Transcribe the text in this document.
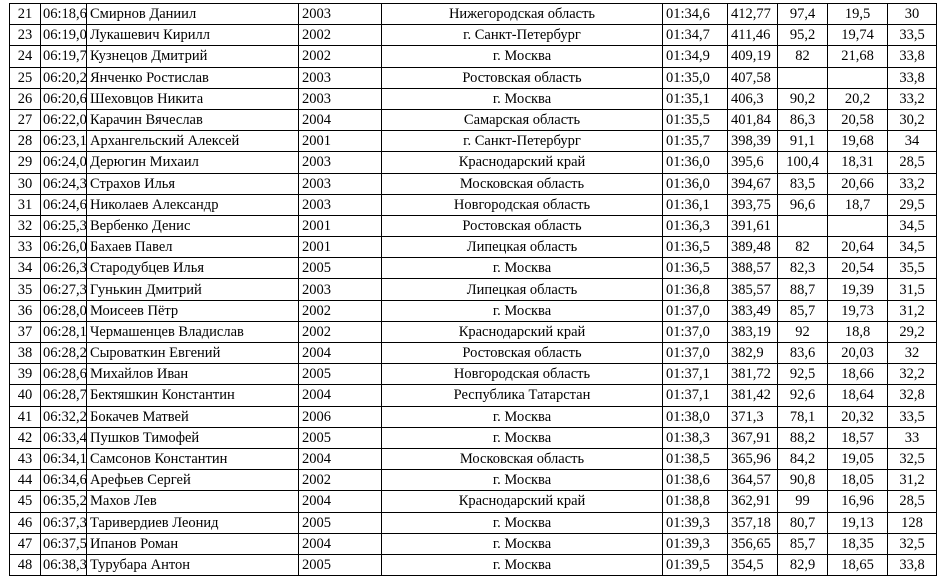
21	06:18,6	Смирнов Даниил	2003	Нижегородская область	01:34,6	412,77	97,4	19,5	30
23	06:19,0	Лукашевич Кирилл	2002	г. Санкт-Петербург	01:34,7	411,46	95,2	19,74	33,5
24	06:19,7	Кузнецов Дмитрий	2002	г. Москва	01:34,9	409,19	82	21,68	33,8
25	06:20,2	Янченко Ростислав	2003	Ростовская область	01:35,0	407,58			33,8
26	06:20,6	Шеховцов Никита	2003	г. Москва	01:35,1	406,3	90,2	20,2	33,2
27	06:22,0	Карачин Вячеслав	2004	Самарская область	01:35,5	401,84	86,3	20,58	30,2
28	06:23,1	Архангельский Алексей	2001	г. Санкт-Петербург	01:35,7	398,39	91,1	19,68	34
29	06:24,0	Дерюгин Михаил	2003	Краснодарский край	01:36,0	395,6	100,4	18,31	28,5
30	06:24,3	Страхов Илья	2003	Московская область	01:36,0	394,67	83,5	20,66	33,2
31	06:24,6	Николаев Александр	2003	Новгородская область	01:36,1	393,75	96,6	18,7	29,5
32	06:25,3	Вербенко Денис	2001	Ростовская область	01:36,3	391,61			34,5
33	06:26,0	Бахаев Павел	2001	Липецкая область	01:36,5	389,48	82	20,64	34,5
34	06:26,3	Стародубцев Илья	2005	г. Москва	01:36,5	388,57	82,3	20,54	35,5
35	06:27,3	Гунькин Дмитрий	2003	Липецкая область	01:36,8	385,57	88,7	19,39	31,5
36	06:28,0	Моисеев Пётр	2002	г. Москва	01:37,0	383,49	85,7	19,73	31,2
37	06:28,1	Чермашенцев Владислав	2002	Краснодарский край	01:37,0	383,19	92	18,8	29,2
38	06:28,2	Сыроваткин Евгений	2004	Ростовская область	01:37,0	382,9	83,6	20,03	32
39	06:28,6	Михайлов Иван	2005	Новгородская область	01:37,1	381,72	92,5	18,66	32,2
40	06:28,7	Бектяшкин Константин	2004	Республика Татарстан	01:37,1	381,42	92,6	18,64	32,8
41	06:32,2	Бокачев Матвей	2006	г. Москва	01:38,0	371,3	78,1	20,32	33,5
42	06:33,4	Пушков Тимофей	2005	г. Москва	01:38,3	367,91	88,2	18,57	33
43	06:34,1	Самсонов Константин	2004	Московская область	01:38,5	365,96	84,2	19,05	32,5
44	06:34,6	Арефьев Сергей	2002	г. Москва	01:38,6	364,57	90,8	18,05	31,2
45	06:35,2	Махов Лев	2004	Краснодарский край	01:38,8	362,91	99	16,96	28,5
46	06:37,3	Таривердиев Леонид	2005	г. Москва	01:39,3	357,18	80,7	19,13	128
47	06:37,5	Ипанов Роман	2004	г. Москва	01:39,3	356,65	85,7	18,35	32,5
48	06:38,3	Турубара Антон	2005	г. Москва	01:39,5	354,5	82,9	18,65	33,8
